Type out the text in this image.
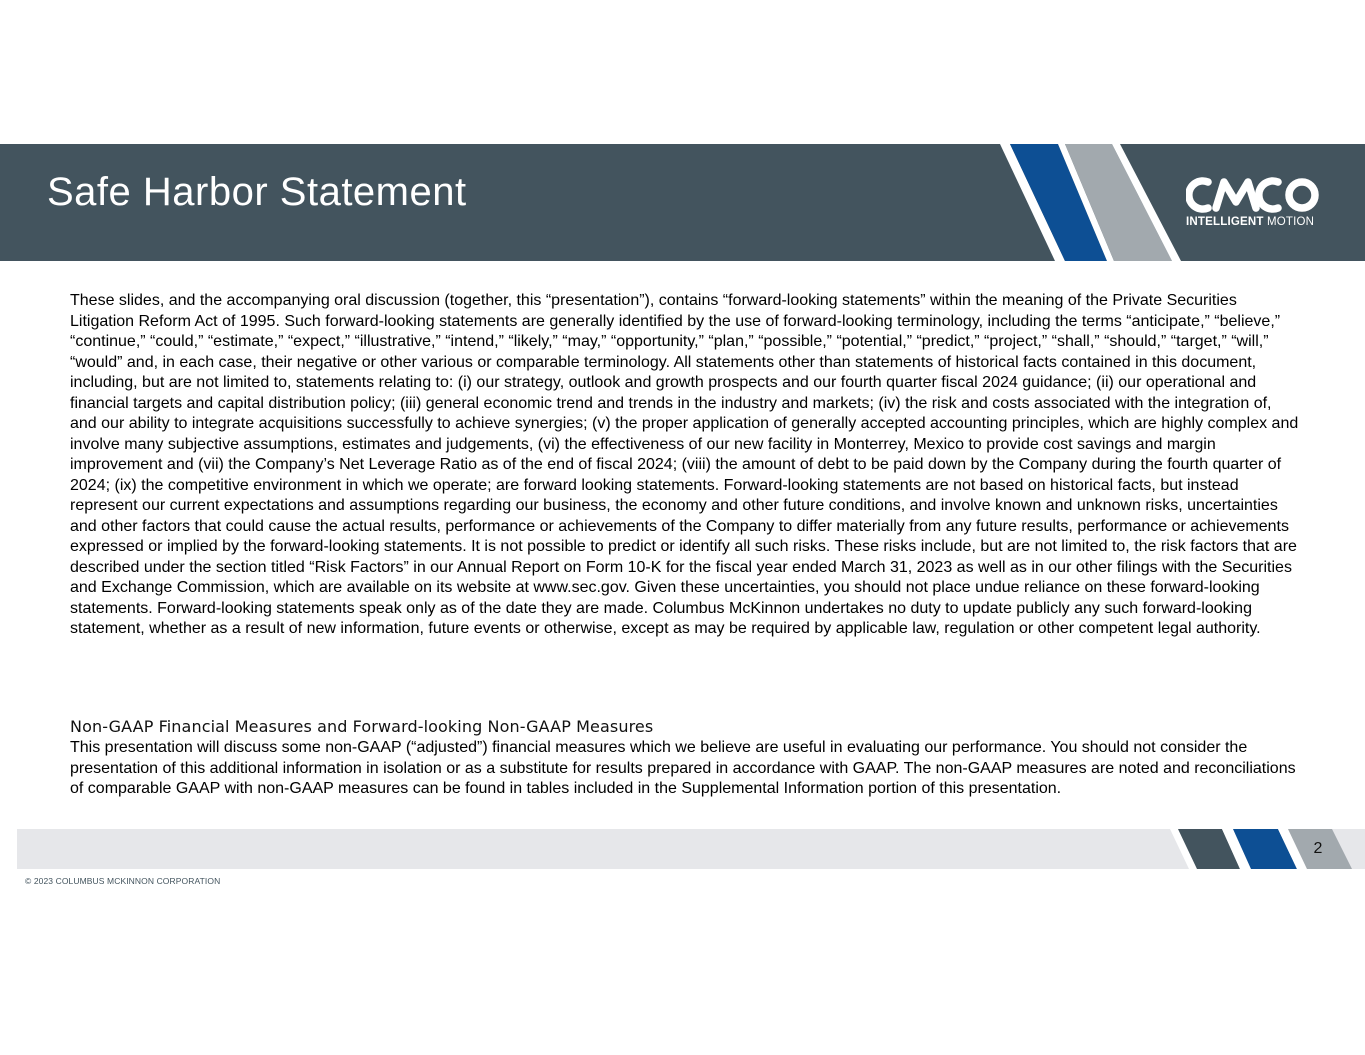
Safe Harbor Statement
INTELLIGENT MOTION
These slides, and the accompanying oral discussion (together, this “presentation”), contains “forward-looking statements” within the meaning of the Private Securities Litigation Reform Act of 1995. Such forward-looking statements are generally identified by the use of forward-looking terminology, including the terms “anticipate,” “believe,” “continue,” “could,” “estimate,” “expect,” “illustrative,” “intend,” “likely,” “may,” “opportunity,” “plan,” “possible,” “potential,” “predict,” “project,” “shall,” “should,” “target,” “will,” “would” and, in each case, their negative or other various or comparable terminology. All statements other than statements of historical facts contained in this document, including, but are not limited to, statements relating to: (i) our strategy, outlook and growth prospects and our fourth quarter fiscal 2024 guidance; (ii) our operational and financial targets and capital distribution policy; (iii) general economic trend and trends in the industry and markets; (iv) the risk and costs associated with the integration of, and our ability to integrate acquisitions successfully to achieve synergies; (v) the proper application of generally accepted accounting principles, which are highly complex and involve many subjective assumptions, estimates and judgements, (vi) the effectiveness of our new facility in Monterrey, Mexico to provide cost savings and margin improvement and (vii) the Company’s Net Leverage Ratio as of the end of fiscal 2024; (viii) the amount of debt to be paid down by the Company during the fourth quarter of 2024; (ix) the competitive environment in which we operate; are forward looking statements. Forward-looking statements are not based on historical facts, but instead represent our current expectations and assumptions regarding our business, the economy and other future conditions, and involve known and unknown risks, uncertainties and other factors that could cause the actual results, performance or achievements of the Company to differ materially from any future results, performance or achievements expressed or implied by the forward-looking statements. It is not possible to predict or identify all such risks. These risks include, but are not limited to, the risk factors that are described under the section titled “Risk Factors” in our Annual Report on Form 10-K for the fiscal year ended March 31, 2023 as well as in our other filings with the Securities and Exchange Commission, which are available on its website at www.sec.gov. Given these uncertainties, you should not place undue reliance on these forward-looking statements. Forward-looking statements speak only as of the date they are made. Columbus McKinnon undertakes no duty to update publicly any such forward-looking statement, whether as a result of new information, future events or otherwise, except as may be required by applicable law, regulation or other competent legal authority.
Non-GAAP Financial Measures and Forward-looking Non-GAAP Measures
This presentation will discuss some non-GAAP (“adjusted”) financial measures which we believe are useful in evaluating our performance. You should not consider the presentation of this additional information in isolation or as a substitute for results prepared in accordance with GAAP. The non-GAAP measures are noted and reconciliations of comparable GAAP with non-GAAP measures can be found in tables included in the Supplemental Information portion of this presentation.
2
© 2023 COLUMBUS MCKINNON CORPORATION
